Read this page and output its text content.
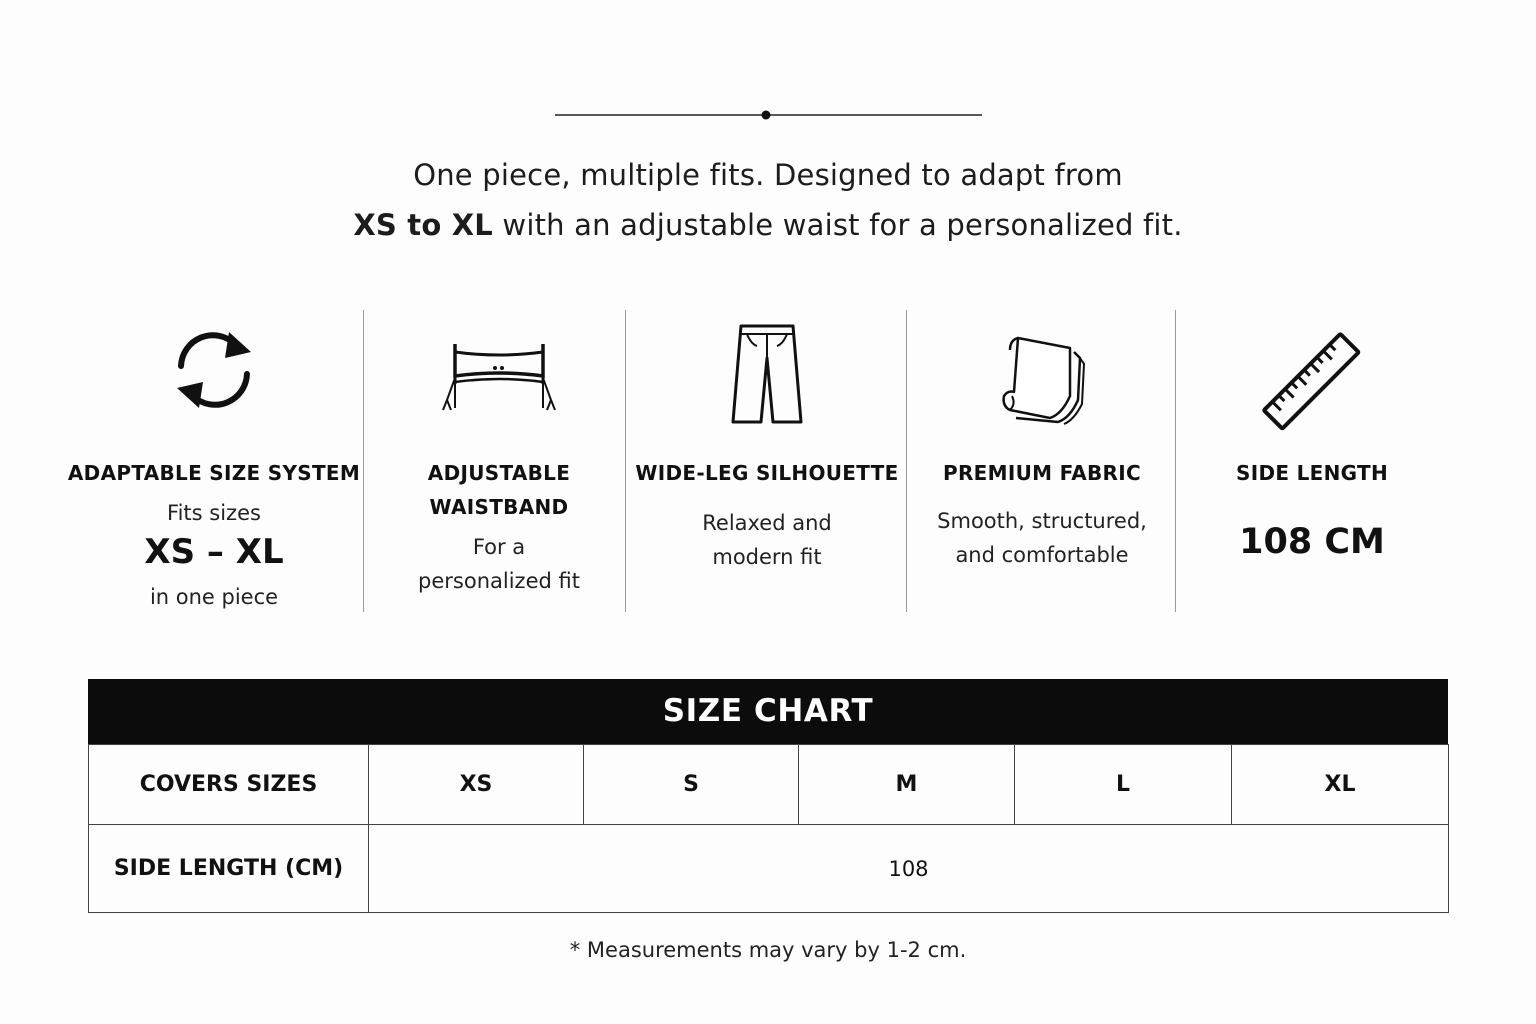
One piece, multiple fits. Designed to adapt from
XS to XL with an adjustable waist for a personalized fit.
ADAPTABLE SIZE SYSTEM
Fits sizes
XS – XL
in one piece
ADJUSTABLE
WAISTBAND
For a
personalized fit
WIDE-LEG SILHOUETTE
Relaxed and
modern fit
PREMIUM FABRIC
Smooth, structured,
and comfortable
SIDE LENGTH
108 CM
SIZE CHART
COVERS SIZES	XS	S	M	L	XL
SIDE LENGTH (CM)	108				
* Measurements may vary by 1-2 cm.
